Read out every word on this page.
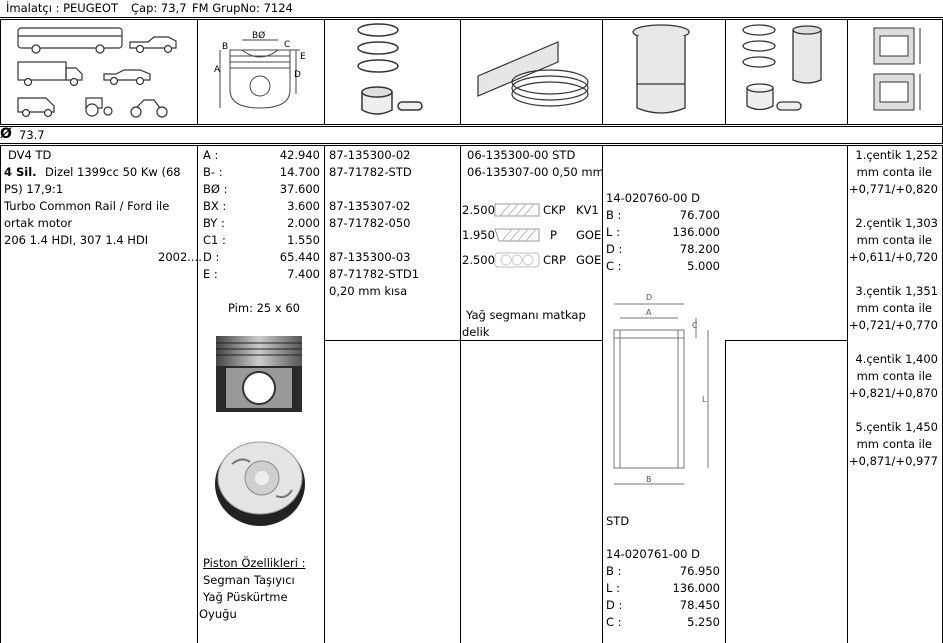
İmalatçı : PEUGEOT Çap: 73,7 FM GrupNo: 7124
B
BØ
C
E
A	D
Ø 73.7
DV4 TD
4 Sil. Dizel 1399cc 50 Kw (68
PS) 17,9:1
Turbo Common Rail / Ford ile
ortak motor
206 1.4 HDI, 307 1.4 HDI
2002....
A :	42.940
B- :	14.700
BØ :	37.600
BX :	3.600
BY :	2.000
C1 :	1.550
D :	65.440
E :	7.400
Pim: 25 x 60
Piston Özellikleri :
Segman Taşıyıcı
Yağ Püskürtme
Oyuğu
87-135300-02
87-71782-STD
87-135307-02
87-71782-050
87-135300-03
87-71782-STD1
0,20 mm kısa
06-135300-00 STD
06-135307-00 0,50 mm
2.500	CKP KV1
1.950	P GOE
2.500	CRP GOE
Yağ segmanı matkap
delik
14-020760-00 D
B :	76.700
L :	136.000
D :	78.200
C :	5.000
D
A
C
L
B
STD
14-020761-00 D
B :	76.950
L :	136.000
D :	78.450
C :	5.250
1.çentik 1,252
mm conta ile
+0,771/+0,820
2.çentik 1,303
mm conta ile
+0,611/+0,720
3.çentik 1,351
mm conta ile
+0,721/+0,770
4.çentik 1,400
mm conta ile
+0,821/+0,870
5.çentik 1,450
mm conta ile
+0,871/+0,977
